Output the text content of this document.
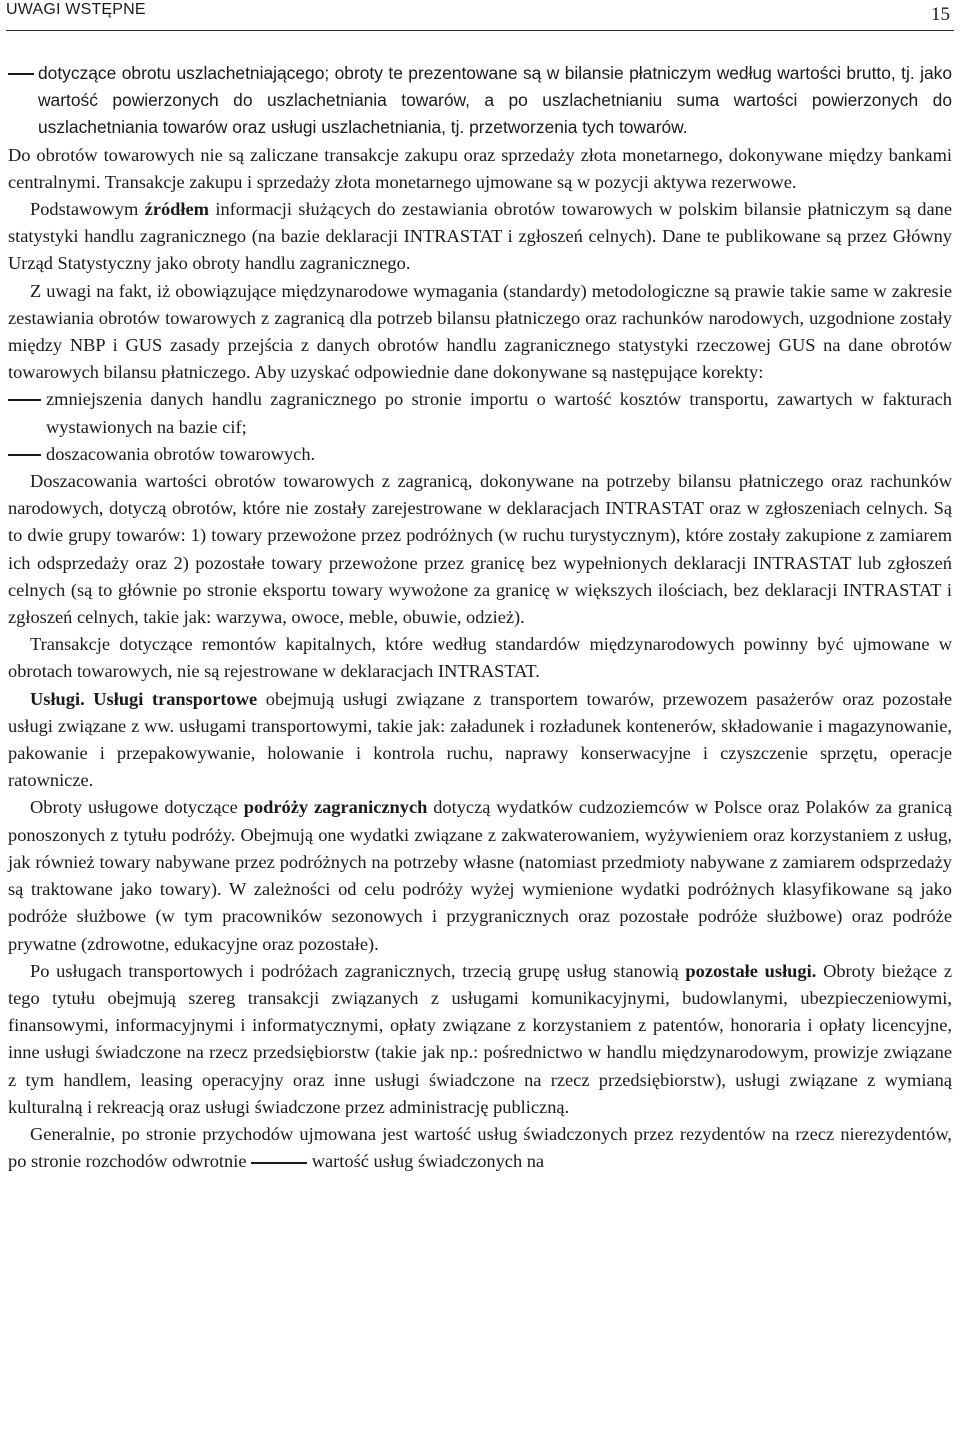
UWAGI WSTĘPNE	15
dotyczące obrotu uszlachetniającego; obroty te prezentowane są w bilansie płatniczym według wartości brutto, tj. jako wartość powierzonych do uszlachetniania towarów, a po uszlachetnianiu suma wartości powierzonych do uszlachetniania towarów oraz usługi uszlachetniania, tj. przetworzenia tych towarów.

Do obrotów towarowych nie są zaliczane transakcje zakupu oraz sprzedaży złota monetarnego, dokonywane między bankami centralnymi. Transakcje zakupu i sprzedaży złota monetarnego ujmowane są w pozycji aktywa rezerwowe.

Podstawowym źródłem informacji służących do zestawiania obrotów towarowych w polskim bilansie płatniczym są dane statystyki handlu zagranicznego (na bazie deklaracji INTRASTAT i zgłoszeń celnych). Dane te publikowane są przez Główny Urząd Statystyczny jako obroty handlu zagranicznego.

Z uwagi na fakt, iż obowiązujące międzynarodowe wymagania (standardy) metodologiczne są prawie takie same w zakresie zestawiania obrotów towarowych z zagranicą dla potrzeb bilansu płatniczego oraz rachunków narodowych, uzgodnione zostały między NBP i GUS zasady przejścia z danych obrotów handlu zagranicznego statystyki rzeczowej GUS na dane obrotów towarowych bilansu płatniczego. Aby uzyskać odpowiednie dane dokonywane są następujące korekty:

zmniejszenia danych handlu zagranicznego po stronie importu o wartość kosztów transportu, zawartych w fakturach wystawionych na bazie cif;
doszacowania obrotów towarowych.

Doszacowania wartości obrotów towarowych z zagranicą, dokonywane na potrzeby bilansu płatniczego oraz rachunków narodowych, dotyczą obrotów, które nie zostały zarejestrowane w deklaracjach INTRASTAT oraz w zgłoszeniach celnych. Są to dwie grupy towarów: 1) towary przewożone przez podróżnych (w ruchu turystycznym), które zostały zakupione z zamiarem ich odsprzedaży oraz 2) pozostałe towary przewożone przez granicę bez wypełnionych deklaracji INTRASTAT lub zgłoszeń celnych (są to głównie po stronie eksportu towary wywożone za granicę w większych ilościach, bez deklaracji INTRASTAT i zgłoszeń celnych, takie jak: warzywa, owoce, meble, obuwie, odzież).

Transakcje dotyczące remontów kapitalnych, które według standardów międzynarodowych powinny być ujmowane w obrotach towarowych, nie są rejestrowane w deklaracjach INTRASTAT.

Usługi. Usługi transportowe obejmują usługi związane z transportem towarów, przewozem pasażerów oraz pozostałe usługi związane z ww. usługami transportowymi, takie jak: załadunek i rozładunek kontenerów, składowanie i magazynowanie, pakowanie i przepakowywanie, holowanie i kontrola ruchu, naprawy konserwacyjne i czyszczenie sprzętu, operacje ratownicze.

Obroty usługowe dotyczące podróży zagranicznych dotyczą wydatków cudzoziemców w Polsce oraz Polaków za granicą ponoszonych z tytułu podróży. Obejmują one wydatki związane z zakwaterowaniem, wyżywieniem oraz korzystaniem z usług, jak również towary nabywane przez podróżnych na potrzeby własne (natomiast przedmioty nabywane z zamiarem odsprzedaży są traktowane jako towary). W zależności od celu podróży wyżej wymienione wydatki podróżnych klasyfikowane są jako podróże służbowe (w tym pracowników sezonowych i przygranicznych oraz pozostałe podróże służbowe) oraz podróże prywatne (zdrowotne, edukacyjne oraz pozostałe).

Po usługach transportowych i podróżach zagranicznych, trzecią grupę usług stanowią pozostałe usługi. Obroty bieżące z tego tytułu obejmują szereg transakcji związanych z usługami komunikacyjnymi, budowlanymi, ubezpieczeniowymi, finansowymi, informacyjnymi i informatycznymi, opłaty związane z korzystaniem z patentów, honoraria i opłaty licencyjne, inne usługi świadczone na rzecz przedsiębiorstw (takie jak np.: pośrednictwo w handlu międzynarodowym, prowizje związane z tym handlem, leasing operacyjny oraz inne usługi świadczone na rzecz przedsiębiorstw), usługi związane z wymianą kulturalną i rekreacją oraz usługi świadczone przez administrację publiczną.

Generalnie, po stronie przychodów ujmowana jest wartość usług świadczonych przez rezydentów na rzecz nierezydentów, po stronie rozchodów odwrotnie	wartość usług świadczonych na
